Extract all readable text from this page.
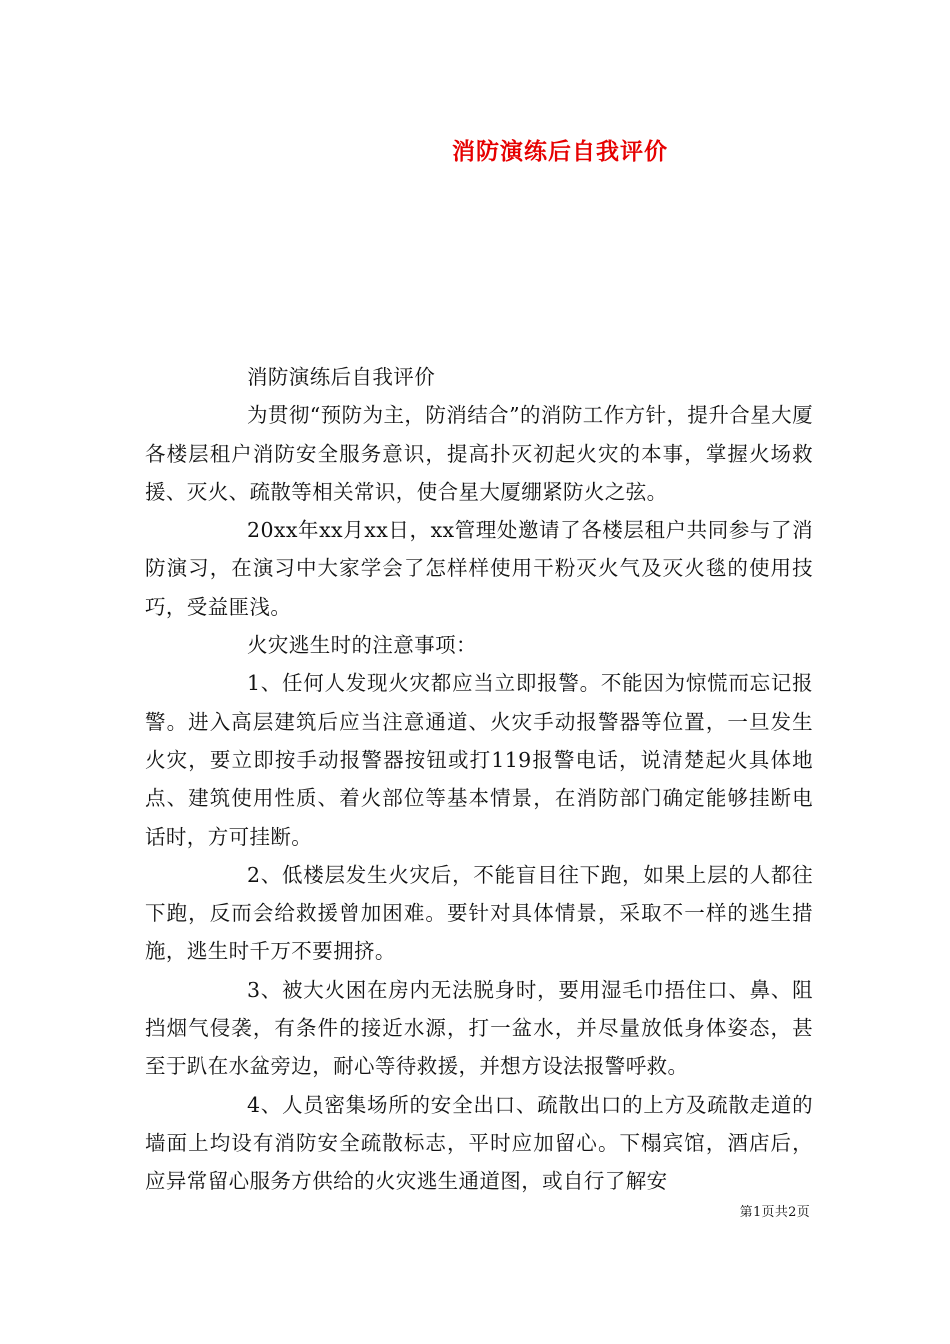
消防演练后自我评价

消防演练后自我评价

为贯彻“预防为主，防消结合”的消防工作方针，提升合星大厦各楼层租户消防安全服务意识，提高扑灭初起火灾的本事，掌握火场救援、灭火、疏散等相关常识，使合星大厦绷紧防火之弦。

20xx年xx月xx日，xx管理处邀请了各楼层租户共同参与了消防演习，在演习中大家学会了怎样样使用干粉灭火气及灭火毯的使用技巧，受益匪浅。

火灾逃生时的注意事项：

1、任何人发现火灾都应当立即报警。不能因为惊慌而忘记报警。进入高层建筑后应当注意通道、火灾手动报警器等位置，一旦发生火灾，要立即按手动报警器按钮或打119报警电话，说清楚起火具体地点、建筑使用性质、着火部位等基本情景，在消防部门确定能够挂断电话时，方可挂断。

2、低楼层发生火灾后，不能盲目往下跑，如果上层的人都往下跑，反而会给救援曾加困难。要针对具体情景，采取不一样的逃生措施，逃生时千万不要拥挤。

3、被大火困在房内无法脱身时，要用湿毛巾捂住口、鼻、阻挡烟气侵袭，有条件的接近水源，打一盆水，并尽量放低身体姿态，甚至于趴在水盆旁边，耐心等待救援，并想方设法报警呼救。

4、人员密集场所的安全出口、疏散出口的上方及疏散走道的墙面上均设有消防安全疏散标志，平时应加留心。下榻宾馆，酒店后，应异常留心服务方供给的火灾逃生通道图，或自行了解安

第1页共2页
